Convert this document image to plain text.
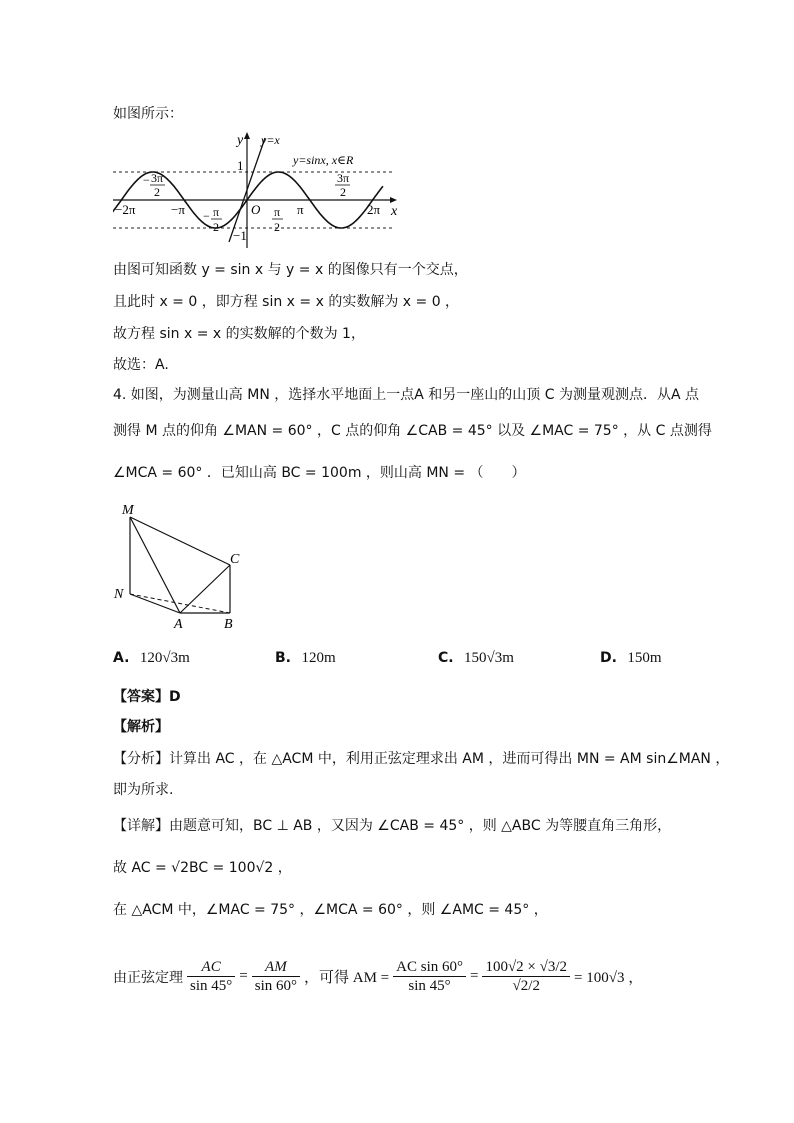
如图所示：
y
x
y=x
y=sinx, x∈R
1
−1
O
−2π	−π	π	2π
− 3π
2
− π
2
π
2
3π
2
由图可知函数 y = sin x 与 y = x 的图像只有一个交点，
且此时 x = 0 ，即方程 sin x = x 的实数解为 x = 0 ，
故方程 sin x = x 的实数解的个数为 1，
故选：A.
4. 如图，为测量山高 MN ，选择水平地面上一点A 和另一座山的山顶 C 为测量观测点．从A 点
测得 M 点的仰角 ∠MAN = 60° ，C 点的仰角 ∠CAB = 45° 以及 ∠MAC = 75° ，从 C 点测得
∠MCA = 60° ．已知山高 BC = 100m ，则山高 MN = （　　）
M
N
A	B
C
A. 120√3m	B. 120m	C. 150√3m	D. 150m
【答案】D
【解析】
【分析】计算出 AC ，在 △ACM 中，利用正弦定理求出 AM ，进而可得出 MN = AM sin∠MAN ，
即为所求.
【详解】由题意可知，BC ⊥ AB ，又因为 ∠CAB = 45° ，则 △ABC 为等腰直角三角形，
故 AC = √2BC = 100√2 ，
在 △ACM 中，∠MAC = 75° ，∠MCA = 60° ，则 ∠AMC = 45° ，
由正弦定理 $\frac{AC}{\sin 45^\circ} = \frac{AM}{\sin 60^\circ}$ ，可得 AM = $\frac{\text{AC sin 60°}}{\sin 45^\circ} = \frac{100√2 \times √3/2}{√2/2} = 100√3$ ，
